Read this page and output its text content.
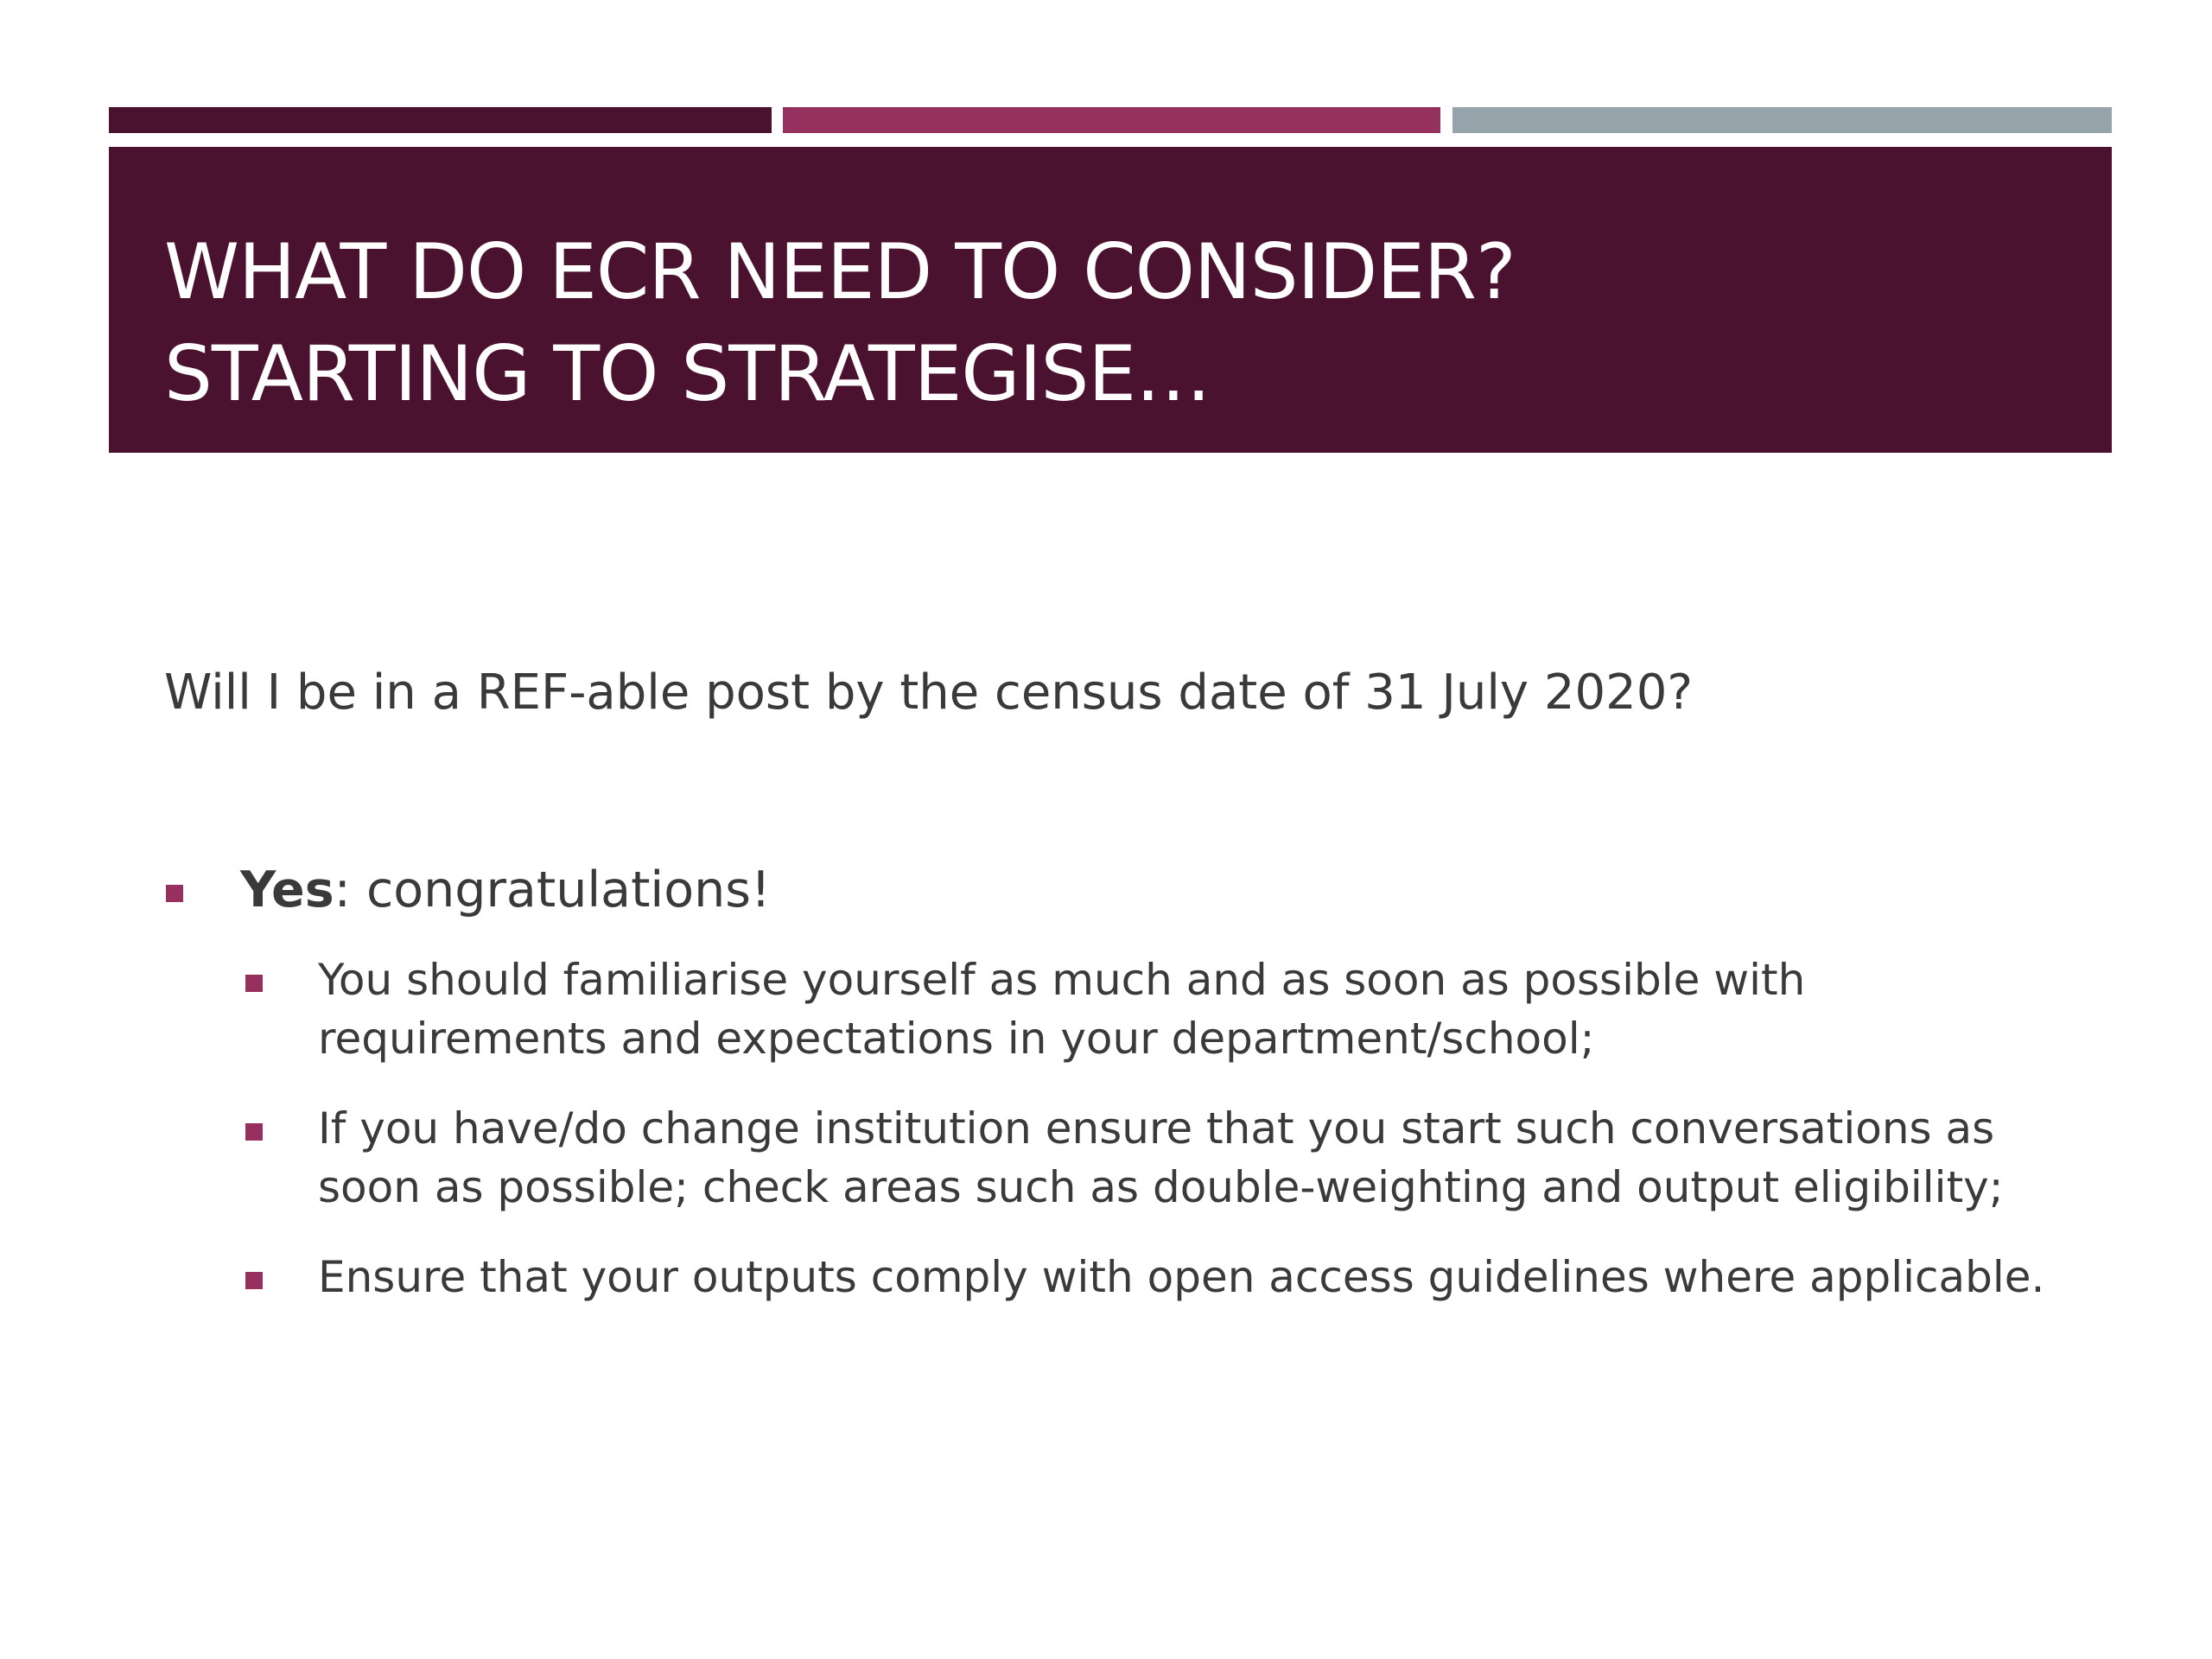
WHAT DO ECR NEED TO CONSIDER?
STARTING TO STRATEGISE…
Will I be in a REF-able post by the census date of 31 July 2020?
Yes: congratulations!
You should familiarise yourself as much and as soon as possible with requirements and expectations in your department/school;
If you have/do change institution ensure that you start such conversations as soon as possible; check areas such as double-weighting and output eligibility;
Ensure that your outputs comply with open access guidelines where applicable.
